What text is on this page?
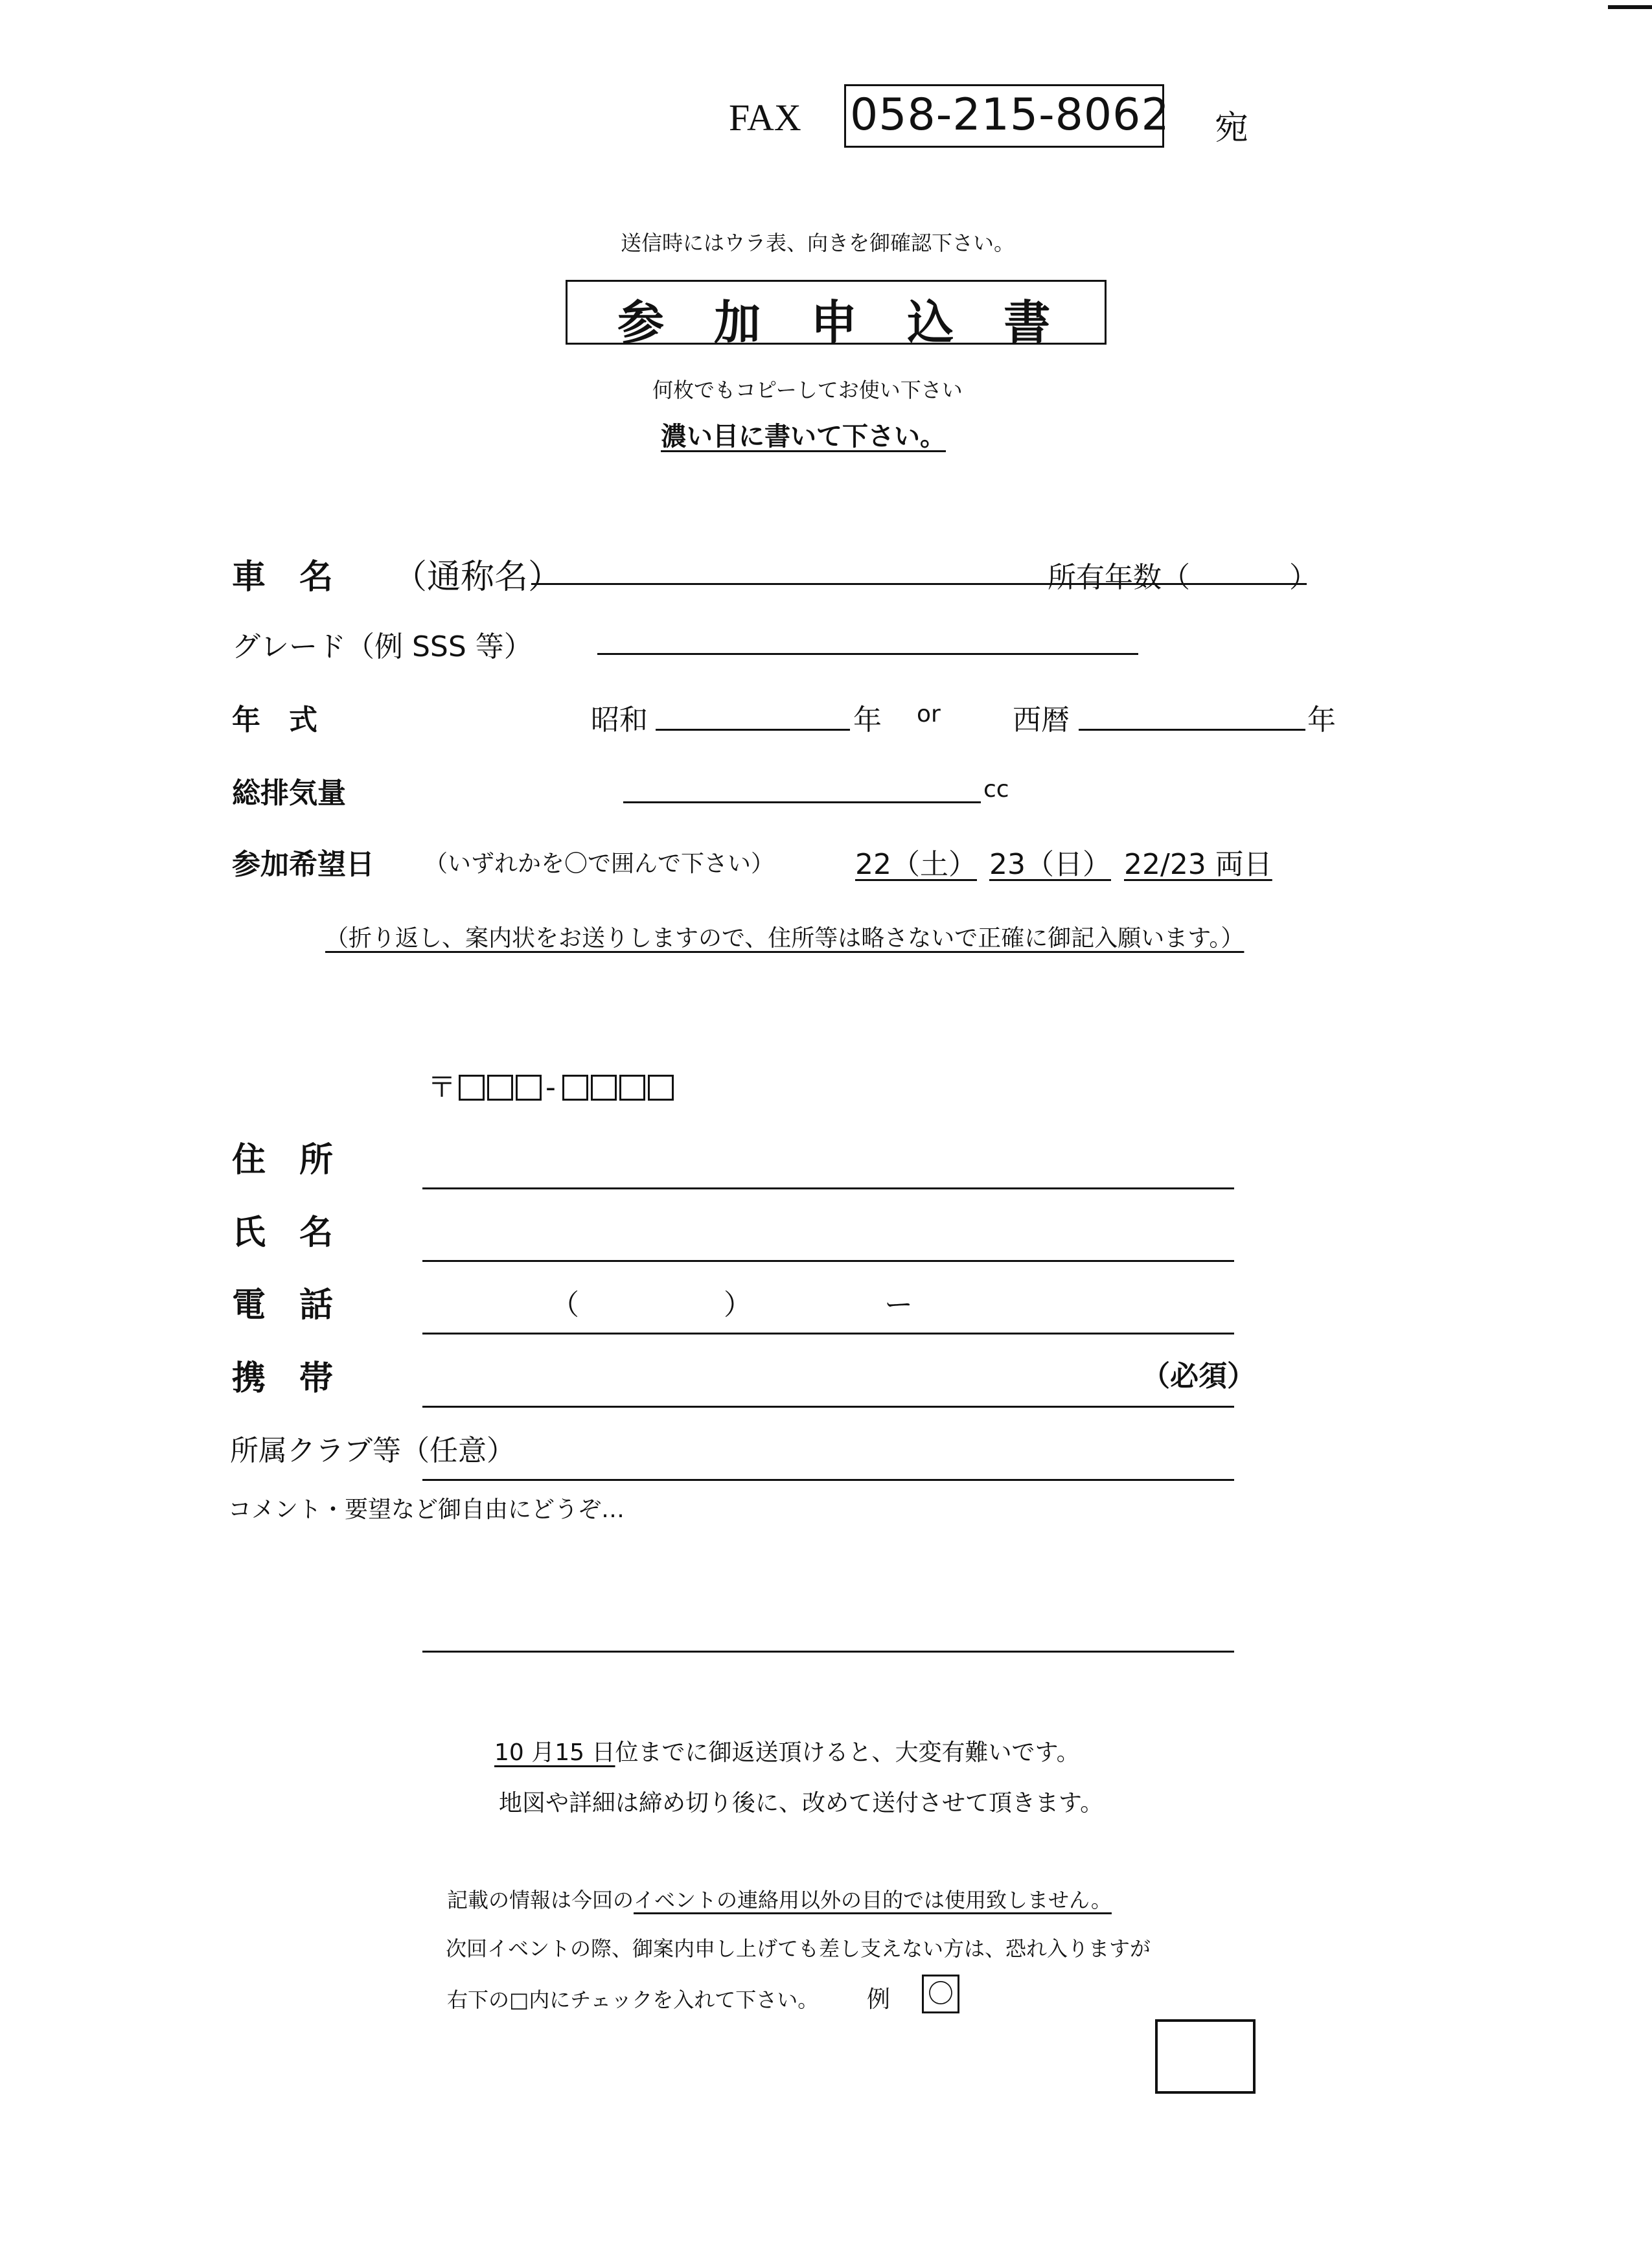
FAX 058-215-8062 宛
送信時にはウラ表、向きを御確認下さい。
参 加 申 込 書
何枚でもコピーしてお使い下さい
濃い目に書いて下さい。
車　名 （通称名）	所有年数（	）
グレード（例 SSS 等）
年　式	昭和	年 or	西暦	年
総排気量	cc
参加希望日 （いずれかを〇で囲んで下さい）	22（土） 23（日） 22/23 両日
（折り返し、案内状をお送りしますので、住所等は略さないで正確に御記入願います。）
〒	-
住　所
氏　名
電　話	（	）	ー
携　帯	（必須）
所属クラブ等（任意）
コメント・要望など御自由にどうぞ…
10 月15 日位までに御返送頂けると、大変有難いです。
地図や詳細は締め切り後に、改めて送付させて頂きます。
記載の情報は今回のイベントの連絡用以外の目的では使用致しません。
次回イベントの際、御案内申し上げても差し支えない方は、恐れ入りますが
右下の□内にチェックを入れて下さい。 例 〇
